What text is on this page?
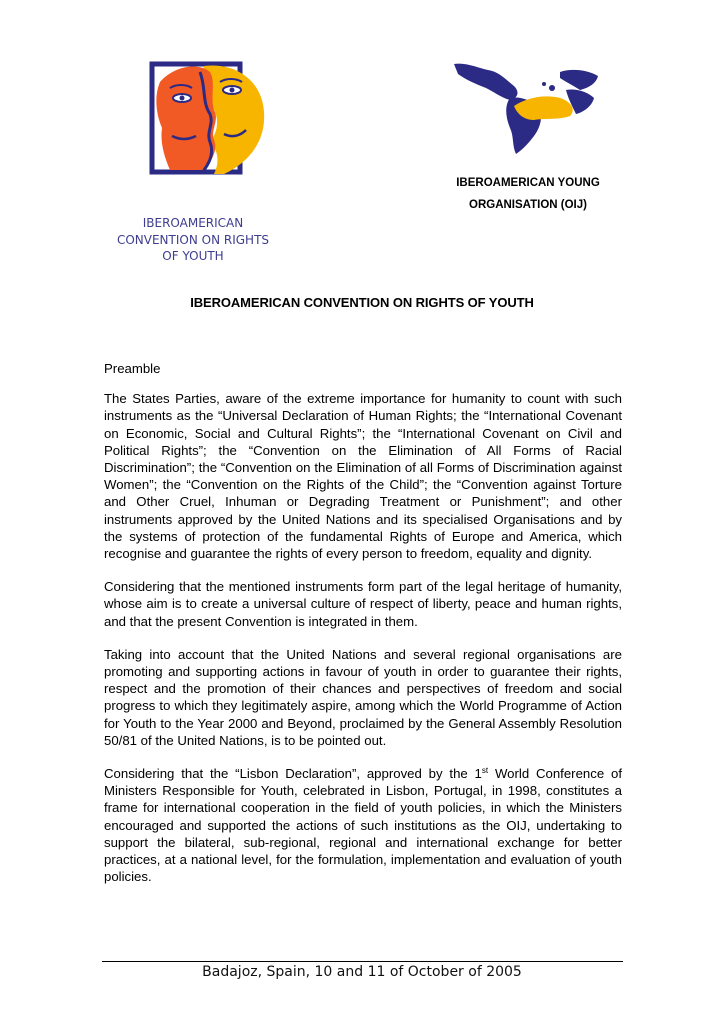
IBEROAMERICAN
CONVENTION ON RIGHTS
OF YOUTH
IBEROAMERICAN YOUNG
ORGANISATION (OIJ)
IBEROAMERICAN CONVENTION ON RIGHTS OF YOUTH

Preamble

The States Parties, aware of the extreme importance for humanity to count with such instruments as the “Universal Declaration of Human Rights; the “International Covenant on Economic, Social and Cultural Rights”; the “International Covenant on Civil and Political Rights”; the “Convention on the Elimination of All Forms of Racial Discrimination”; the “Convention on the Elimination of all Forms of Discrimination against Women”; the “Convention on the Rights of the Child”; the “Convention against Torture and Other Cruel, Inhuman or Degrading Treatment or Punishment”; and other instruments approved by the United Nations and its specialised Organisations and by the systems of protection of the fundamental Rights of Europe and America, which recognise and guarantee the rights of every person to freedom, equality and dignity.

Considering that the mentioned instruments form part of the legal heritage of humanity, whose aim is to create a universal culture of respect of liberty, peace and human rights, and that the present Convention is integrated in them.

Taking into account that the United Nations and several regional organisations are promoting and supporting actions in favour of youth in order to guarantee their rights, respect and the promotion of their chances and perspectives of freedom and social progress to which they legitimately aspire, among which the World Programme of Action for Youth to the Year 2000 and Beyond, proclaimed by the General Assembly Resolution 50/81 of the United Nations, is to be pointed out.

Considering that the “Lisbon Declaration”, approved by the 1st World Conference of Ministers Responsible for Youth, celebrated in Lisbon, Portugal, in 1998, constitutes a frame for international cooperation in the field of youth policies, in which the Ministers encouraged and supported the actions of such institutions as the OIJ, undertaking to support the bilateral, sub-regional, regional and international exchange for better practices, at a national level, for the formulation, implementation and evaluation of youth policies.

Badajoz, Spain, 10 and 11 of October of 2005
